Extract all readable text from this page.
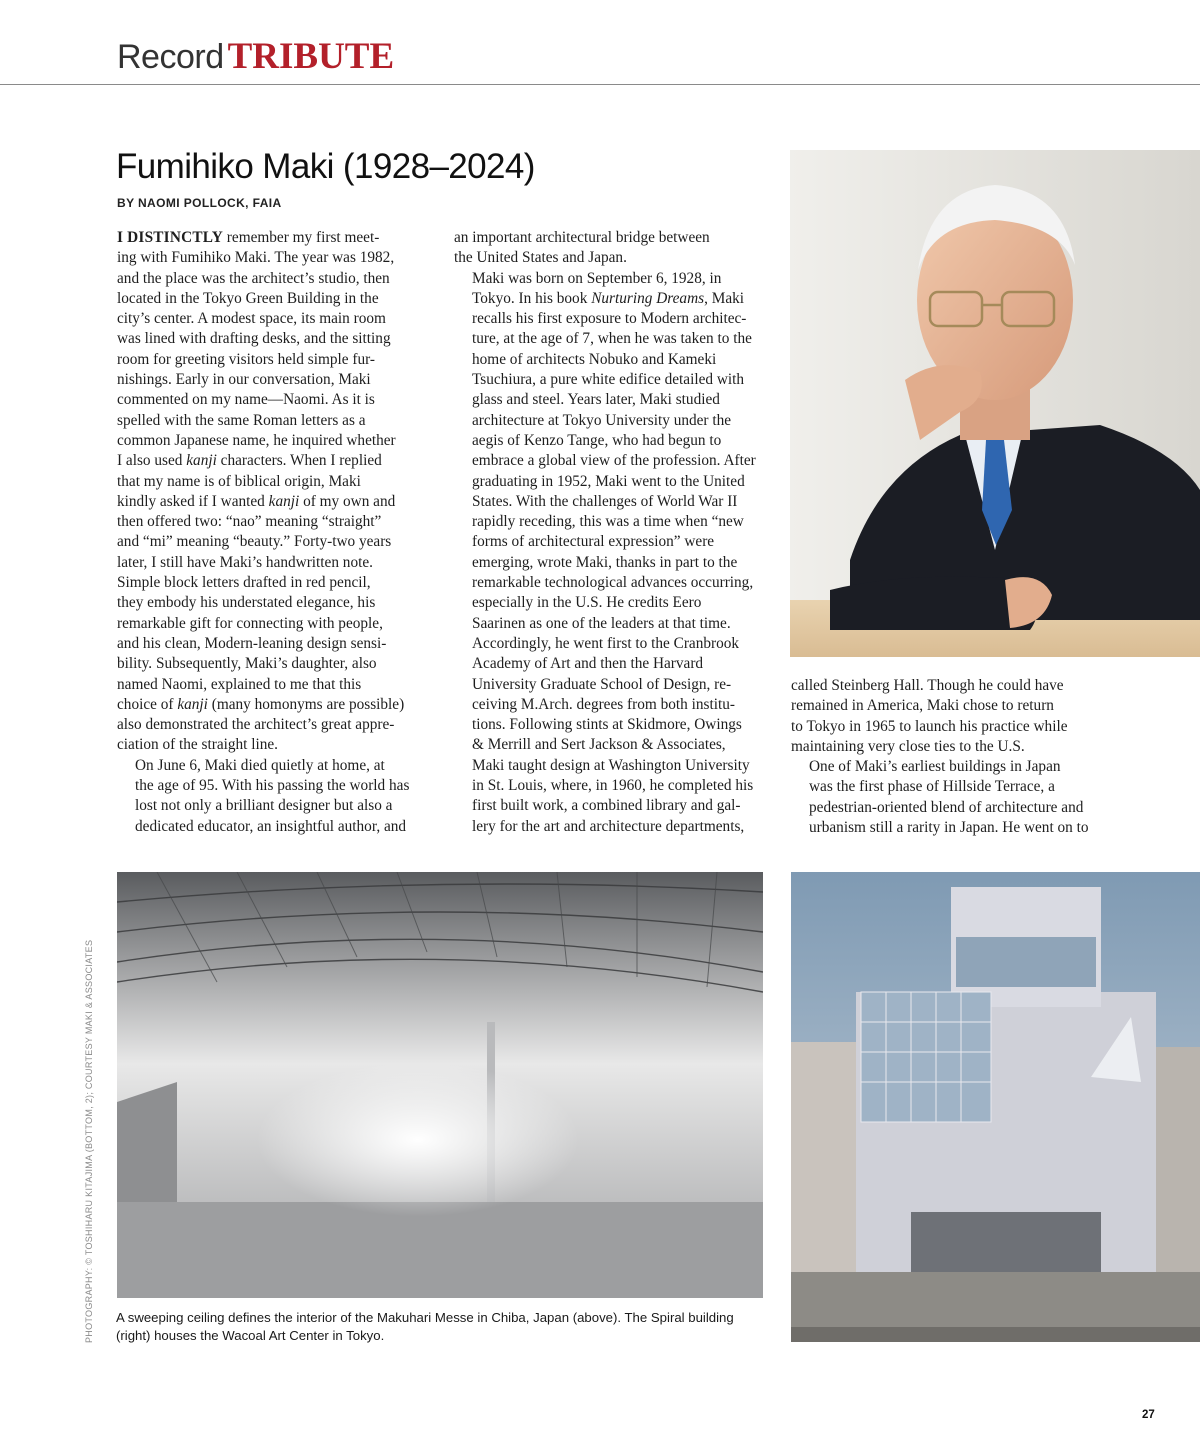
Record TRIBUTE
Fumihiko Maki (1928–2024)
BY NAOMI POLLOCK, FAIA

I DISTINCTLY remember my first meet-
ing with Fumihiko Maki. The year was 1982,
and the place was the architect’s studio, then
located in the Tokyo Green Building in the
city’s center. A modest space, its main room
was lined with drafting desks, and the sitting
room for greeting visitors held simple fur-
nishings. Early in our conversation, Maki
commented on my name—Naomi. As it is
spelled with the same Roman letters as a
common Japanese name, he inquired whether
I also used kanji characters. When I replied
that my name is of biblical origin, Maki
kindly asked if I wanted kanji of my own and
then offered two: “nao” meaning “straight”
and “mi” meaning “beauty.” Forty-two years
later, I still have Maki’s handwritten note.
Simple block letters drafted in red pencil,
they embody his understated elegance, his
remarkable gift for connecting with people,
and his clean, Modern-leaning design sensi-
bility. Subsequently, Maki’s daughter, also
named Naomi, explained to me that this
choice of kanji (many homonyms are possible)
also demonstrated the architect’s great appre-
ciation of the straight line.

On June 6, Maki died quietly at home, at
the age of 95. With his passing the world has
lost not only a brilliant designer but also a
dedicated educator, an insightful author, and

an important architectural bridge between
the United States and Japan.

Maki was born on September 6, 1928, in
Tokyo. In his book Nurturing Dreams, Maki
recalls his first exposure to Modern architec-
ture, at the age of 7, when he was taken to the
home of architects Nobuko and Kameki
Tsuchiura, a pure white edifice detailed with
glass and steel. Years later, Maki studied
architecture at Tokyo University under the
aegis of Kenzo Tange, who had begun to
embrace a global view of the profession. After
graduating in 1952, Maki went to the United
States. With the challenges of World War II
rapidly receding, this was a time when “new
forms of architectural expression” were
emerging, wrote Maki, thanks in part to the
remarkable technological advances occurring,
especially in the U.S. He credits Eero
Saarinen as one of the leaders at that time.
Accordingly, he went first to the Cranbrook
Academy of Art and then the Harvard
University Graduate School of Design, re-
ceiving M.Arch. degrees from both institu-
tions. Following stints at Skidmore, Owings
& Merrill and Sert Jackson & Associates,
Maki taught design at Washington University
in St. Louis, where, in 1960, he completed his
first built work, a combined library and gal-
lery for the art and architecture departments,

called Steinberg Hall. Though he could have
remained in America, Maki chose to return
to Tokyo in 1965 to launch his practice while
maintaining very close ties to the U.S.

One of Maki’s earliest buildings in Japan
was the first phase of Hillside Terrace, a
pedestrian-oriented blend of architecture and
urbanism still a rarity in Japan. He went on to

A sweeping ceiling defines the interior of the Makuhari Messe in Chiba, Japan (above). The Spiral building (right) houses the Wacoal Art Center in Tokyo.
PHOTOGRAPHY: © TOSHIHARU KITAJIMA (BOTTOM, 2); COURTESY MAKI & ASSOCIATES
27
